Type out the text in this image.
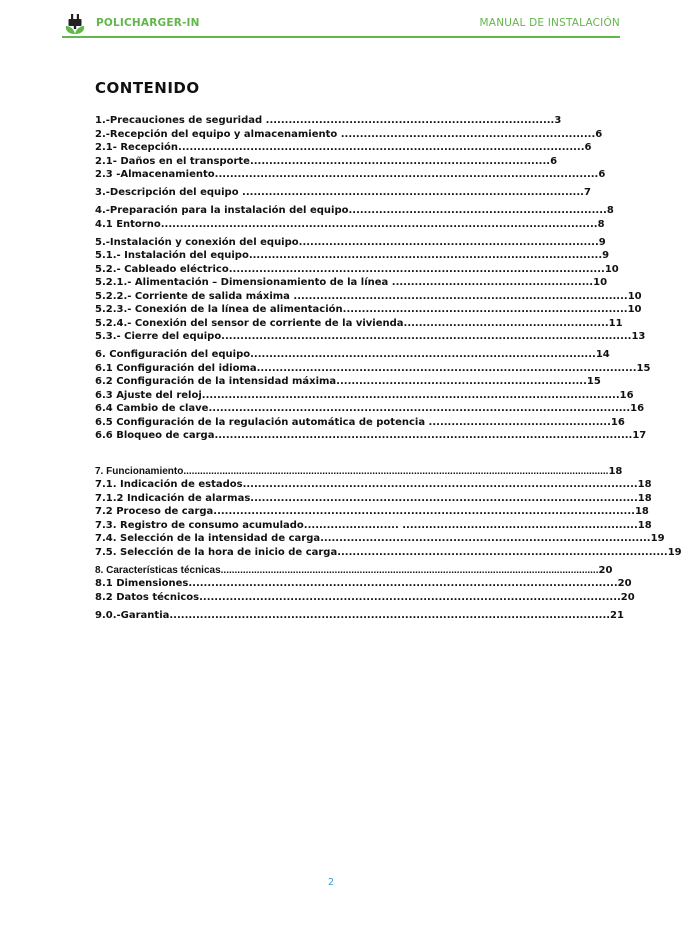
POLICHARGER-IN	MANUAL DE INSTALACIÓN
CONTENIDO
1.-Precauciones de seguridad ............................................................................ 3
2.-Recepción del equipo y almacenamiento ................................................................... 6
2.1- Recepción........................................................................................................... 6
2.1- Daños en el transporte............................................................................... 6
2.3 -Almacenamiento..................................................................................................... 6
3.-Descripción del equipo .......................................................................................... 7
4.-Preparación para la instalación del equipo.................................................................... 8
4.1 Entorno................................................................................................................... 8
5.-Instalación y conexión del equipo............................................................................... 9
5.1.- Instalación del equipo............................................................................................. 9
5.2.- Cableado eléctrico................................................................................................... 10
5.2.1.- Alimentación – Dimensionamiento de la línea ..................................................... 10
5.2.2.- Corriente de salida máxima ........................................................................................ 10
5.2.3.- Conexión de la línea de alimentación........................................................................... 10
5.2.4.- Conexión del sensor de corriente de la vivienda...................................................... 11
5.3.- Cierre del equipo............................................................................................................ 13
6. Configuración del equipo........................................................................................... 14
6.1 Configuración del idioma.................................................................................................... 15
6.2 Configuración de la intensidad máxima.................................................................. 15
6.3 Ajuste del reloj.............................................................................................................. 16
6.4 Cambio de clave............................................................................................................... 16
6.5 Configuración de la regulación automática de potencia ................................................ 16
6.6 Bloqueo de carga.............................................................................................................. 17
7. Funcionamiento......................................................................................................................................................... 18
7.1. Indicación de estados........................................................................................................ 18
7.1.2 Indicación de alarmas...................................................................................................... 18
7.2 Proceso de carga............................................................................................................... 18
7.3. Registro de consumo acumulado......................... .............................................................. 18
7.4. Selección de la intensidad de carga....................................................................................... 19
7.5. Selección de la hora de inicio de carga....................................................................................... 19
8. Características técnicas........................................................................................................................................ 20
8.1 Dimensiones................................................................................................................. 20
8.2 Datos técnicos............................................................................................................... 20
9.0.-Garantia.................................................................................................................... 21
2
